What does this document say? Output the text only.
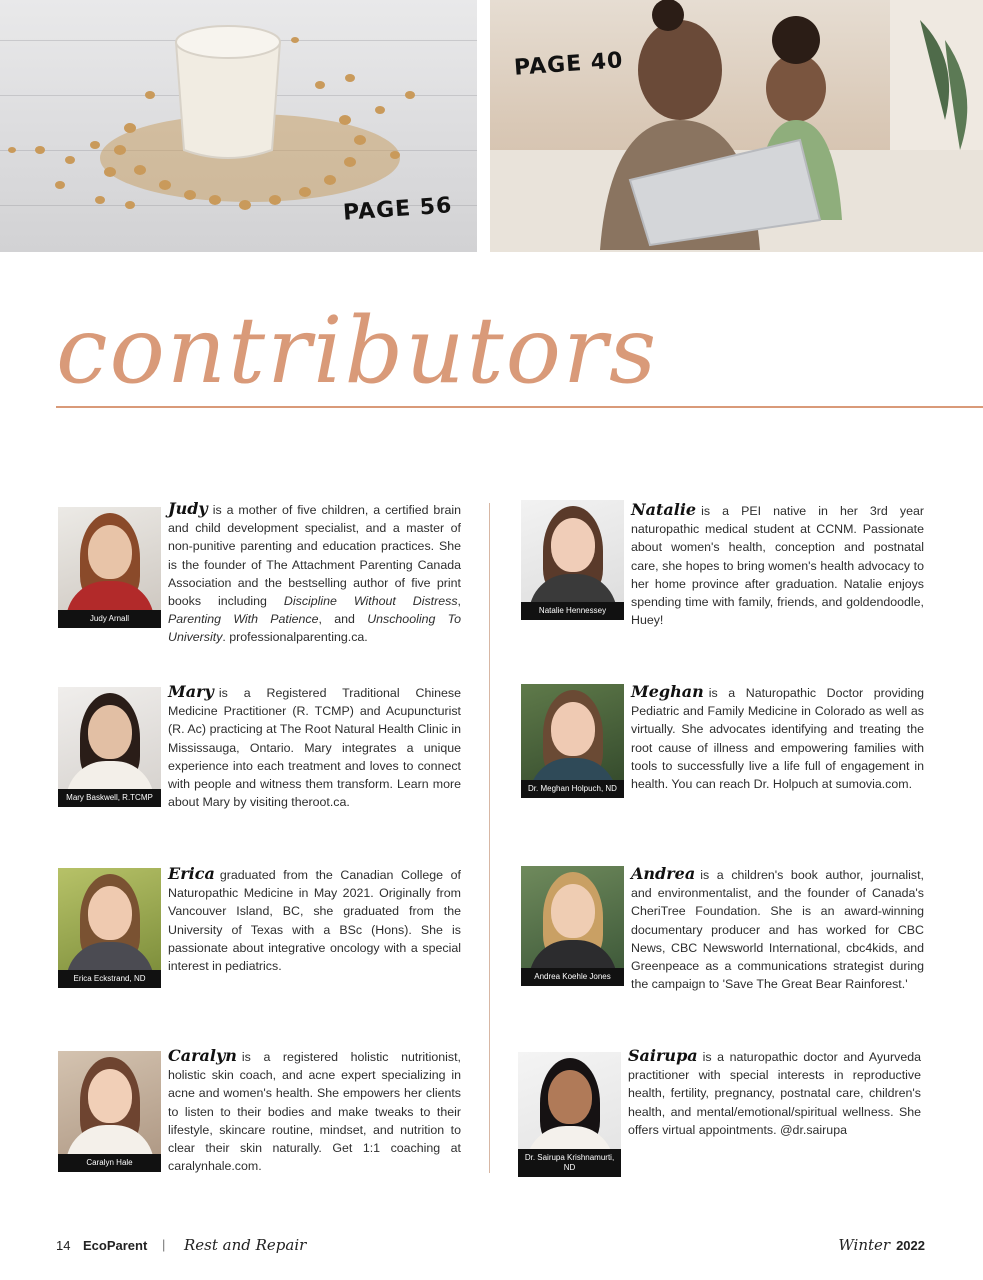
PAGE 56
PAGE 40
contributors
Judy Arnall
Judy is a mother of five children, a certified brain and child development specialist, and a master of non-punitive parenting and education practices. She is the founder of The Attachment Parenting Canada Association and the bestselling author of five print books including Discipline Without Distress, Parenting With Patience, and Unschooling To University. professionalparenting.ca.
Mary Baskwell, R.TCMP
Mary is a Registered Traditional Chinese Medicine Practitioner (R. TCMP) and Acupuncturist (R. Ac) practicing at The Root Natural Health Clinic in Mississauga, Ontario. Mary integrates a unique experience into each treatment and loves to connect with people and witness them transform. Learn more about Mary by visiting theroot.ca.
Erica Eckstrand, ND
Erica graduated from the Canadian College of Naturopathic Medicine in May 2021. Originally from Vancouver Island, BC, she graduated from the University of Texas with a BSc (Hons). She is passionate about integrative oncology with a special interest in pediatrics.
Caralyn Hale
Caralyn is a registered holistic nutritionist, holistic skin coach, and acne expert specializing in acne and women's health. She empowers her clients to listen to their bodies and make tweaks to their lifestyle, skincare routine, mindset, and nutrition to clear their skin naturally. Get 1:1 coaching at caralynhale.com.
Natalie Hennessey
Natalie is a PEI native in her 3rd year naturopathic medical student at CCNM. Passionate about women's health, conception and postnatal care, she hopes to bring women's health advocacy to her home province after graduation. Natalie enjoys spending time with family, friends, and goldendoodle, Huey!
Dr. Meghan Holpuch, ND
Meghan is a Naturopathic Doctor providing Pediatric and Family Medicine in Colorado as well as virtually. She advocates identifying and treating the root cause of illness and empowering families with tools to successfully live a life full of engagement in health. You can reach Dr. Holpuch at sumovia.com.
Andrea Koehle Jones
Andrea is a children's book author, journalist, and environmentalist, and the founder of Canada's CheriTree Foundation. She is an award-winning documentary producer and has worked for CBC News, CBC Newsworld International, cbc4kids, and Greenpeace as a communications strategist during the campaign to 'Save The Great Bear Rainforest.'
Dr. Sairupa Krishnamurti, ND
Sairupa is a naturopathic doctor and Ayurveda practitioner with special interests in reproductive health, fertility, pregnancy, postnatal care, children's health, and mental/emotional/spiritual wellness. She offers virtual appointments. @dr.sairupa
14 EcoParent | Rest and Repair	Winter 2022
